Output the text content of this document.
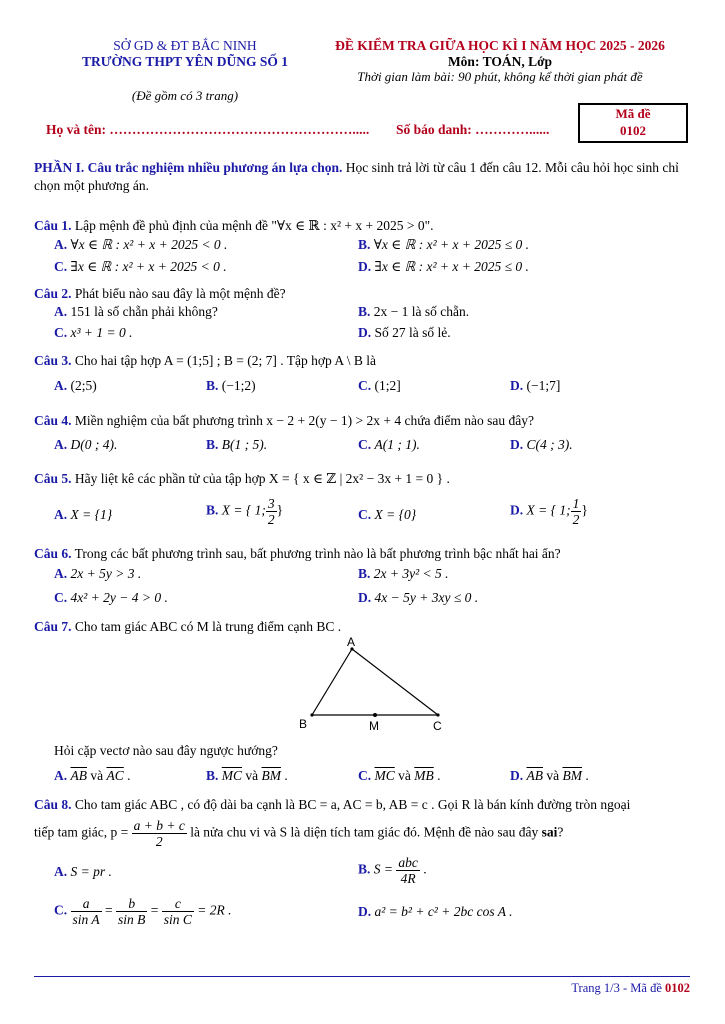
SỞ GD & ĐT BẮC NINH
TRƯỜNG THPT YÊN DŨNG SỐ 1
(Đề gồm có 3 trang)
ĐỀ KIỂM TRA GIỮA HỌC KÌ I NĂM HỌC 2025 - 2026
Môn: TOÁN, Lớp
Thời gian làm bài: 90 phút, không kể thời gian phát đề
Họ và tên: ………………………………………………..... Số báo danh: …………......
Mã đề
0102
PHẦN I. Câu trắc nghiệm nhiều phương án lựa chọn. Học sinh trả lời từ câu 1 đến câu 12. Mỗi câu hỏi học sinh chỉ chọn một phương án.
Câu 1. Lập mệnh đề phủ định của mệnh đề "∀x ∈ ℝ : x² + x + 2025 > 0".
A. ∀x ∈ ℝ : x² + x + 2025 < 0 .	B. ∀x ∈ ℝ : x² + x + 2025 ≤ 0 .
C. ∃x ∈ ℝ : x² + x + 2025 < 0 .	D. ∃x ∈ ℝ : x² + x + 2025 ≤ 0 .
Câu 2. Phát biểu nào sau đây là một mệnh đề?
A. 151 là số chẵn phải không?	B. 2x − 1 là số chẵn.
C. x³ + 1 = 0 .	D. Số 27 là số lẻ.
Câu 3. Cho hai tập hợp A = (1;5] ; B = (2; 7] . Tập hợp A \ B là
A. (2;5)	B. (−1;2)	C. (1;2]	D. (−1;7]
Câu 4. Miền nghiệm của bất phương trình x − 2 + 2(y − 1) > 2x + 4 chứa điểm nào sau đây?
A. D(0 ; 4).	B. B(1 ; 5).	C. A(1 ; 1).	D. C(4 ; 3).
Câu 5. Hãy liệt kê các phần tử của tập hợp X = { x ∈ ℤ | 2x² − 3x + 1 = 0 } .
A. X = {1}	B. X = { 1; $\frac{3}{2}$ }	C. X = {0}	D. X = { 1; $\frac{1}{2}$ }
Câu 6. Trong các bất phương trình sau, bất phương trình nào là bất phương trình bậc nhất hai ẩn?
A. 2x + 5y > 3 .	B. 2x + 3y² < 5 .
C. 4x² + 2y − 4 > 0 .	D. 4x − 5y + 3xy ≤ 0 .
Câu 7. Cho tam giác ABC có M là trung điểm cạnh BC .
A
B	M	C
Hỏi cặp vectơ nào sau đây ngược hướng?
A. $\overline{AB}$ và $\overline{AC}$ .	B. $\overline{MC}$ và $\overline{BM}$ .	C. $\overline{MC}$ và $\overline{MB}$ .	D. $\overline{AB}$ và $\overline{BM}$ .
Câu 8. Cho tam giác ABC , có độ dài ba cạnh là BC = a, AC = b, AB = c . Gọi R là bán kính đường tròn ngoại
tiếp tam giác, $p = \frac{a + b + c}{2}$ là nửa chu vi và S là diện tích tam giác đó. Mệnh đề nào sau đây sai?
A. S = pr .	B. $S = \frac{\text{abc}}{4R}$ .
C. $\frac{a}{\text{sin A}} = \frac{b}{\text{sin B}} = \frac{c}{\text{sin C}} = 2R$ .	D. a² = b² + c² + 2bc cos A .
Trang 1/3 - Mã đề 0102
